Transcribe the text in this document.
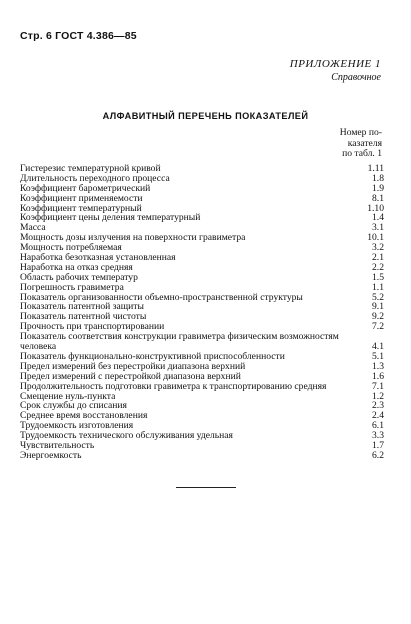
Стр. 6 ГОСТ 4.386—85
ПРИЛОЖЕНИЕ 1
Справочное
АЛФАВИТНЫЙ ПЕРЕЧЕНЬ ПОКАЗАТЕЛЕЙ
Номер по-
казателя
по табл. 1
Гистерезис температурной кривой	1.11
Длительность переходного процесса	1.8
Коэффициент барометрический	1.9
Коэффициент применяемости	8.1
Коэффициент температурный	1.10
Коэффициент цены деления температурный	1.4
Масса	3.1
Мощность дозы излучения на поверхности гравиметра	10.1
Мощность потребляемая	3.2
Наработка безотказная установленная	2.1
Наработка на отказ средняя	2.2
Область рабочих температур	1.5
Погрешность гравиметра	1.1
Показатель организованности объемно-пространственной структуры	5.2
Показатель патентной защиты	9.1
Показатель патентной чистоты	9.2
Прочность при транспортировании	7.2
Показатель соответствия конструкции гравиметра физическим возможностям человека	4.1
Показатель функционально-конструктивной приспособленности	5.1
Предел измерений без перестройки диапазона верхний	1.3
Предел измерений с перестройкой диапазона верхний	1.6
Продолжительность подготовки гравиметра к транспортированию средняя	7.1
Смещение нуль-пункта	1.2
Срок службы до списания	2.3
Среднее время восстановления	2.4
Трудоемкость изготовления	6.1
Трудоемкость технического обслуживания удельная	3.3
Чувствительность	1.7
Энергоемкость	6.2
